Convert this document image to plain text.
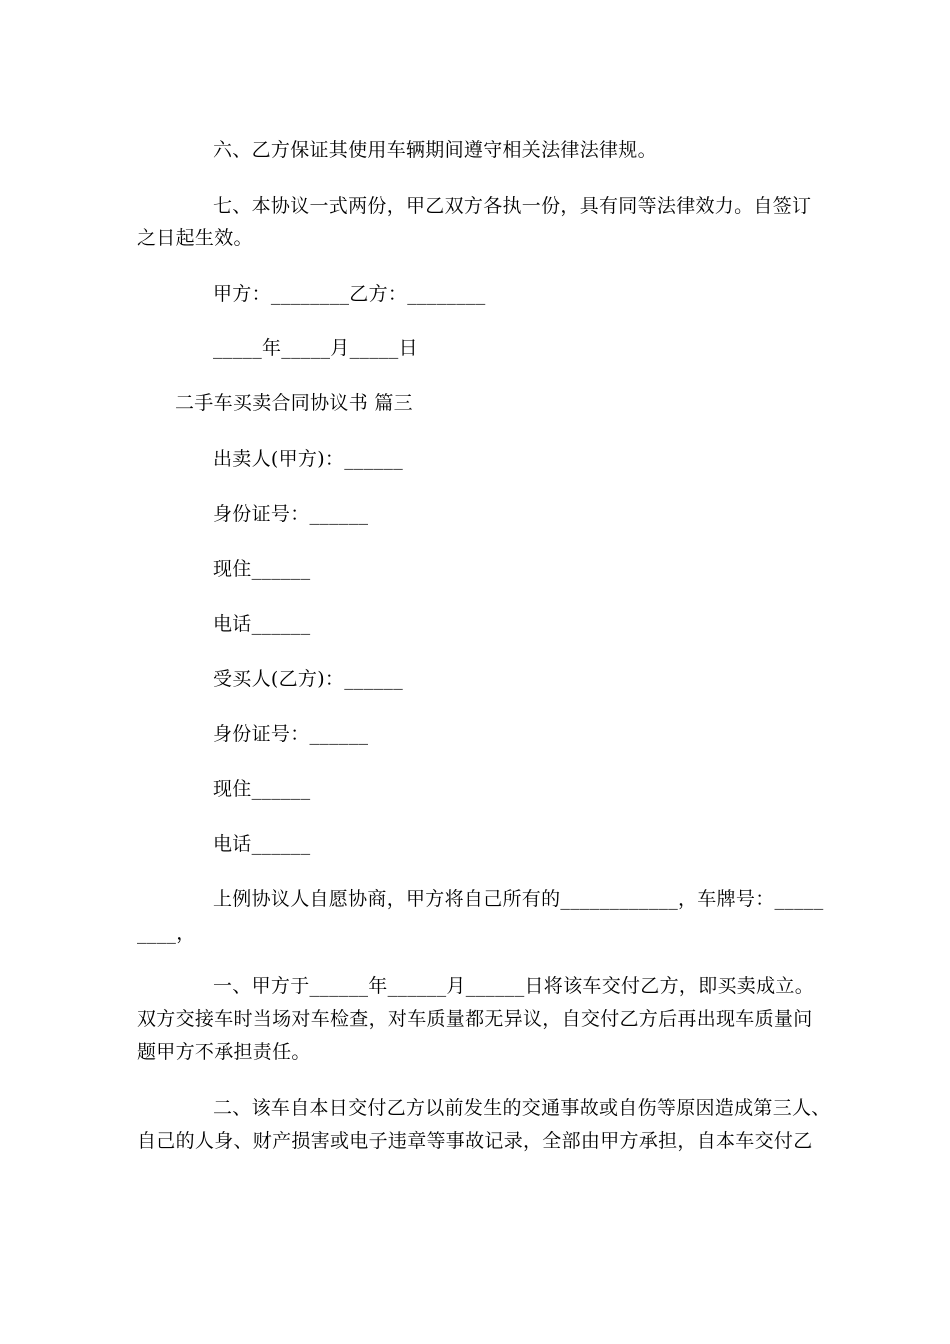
六、乙方保证其使用车辆期间遵守相关法律法律规。
七、本协议一式两份，甲乙双方各执一份，具有同等法律效力。自签订
之日起生效。
甲方：________乙方：________
_____年_____月_____日
二手车买卖合同协议书 篇三
出卖人(甲方)：______
身份证号：______
现住______
电话______
受买人(乙方)：______
身份证号：______
现住______
电话______
上例协议人自愿协商，甲方将自己所有的____________，车牌号：_____
____，
一、甲方于______年______月______日将该车交付乙方，即买卖成立。
双方交接车时当场对车检查，对车质量都无异议，自交付乙方后再出现车质量问
题甲方不承担责任。
二、该车自本日交付乙方以前发生的交通事故或自伤等原因造成第三人、
自己的人身、财产损害或电子违章等事故记录，全部由甲方承担，自本车交付乙
